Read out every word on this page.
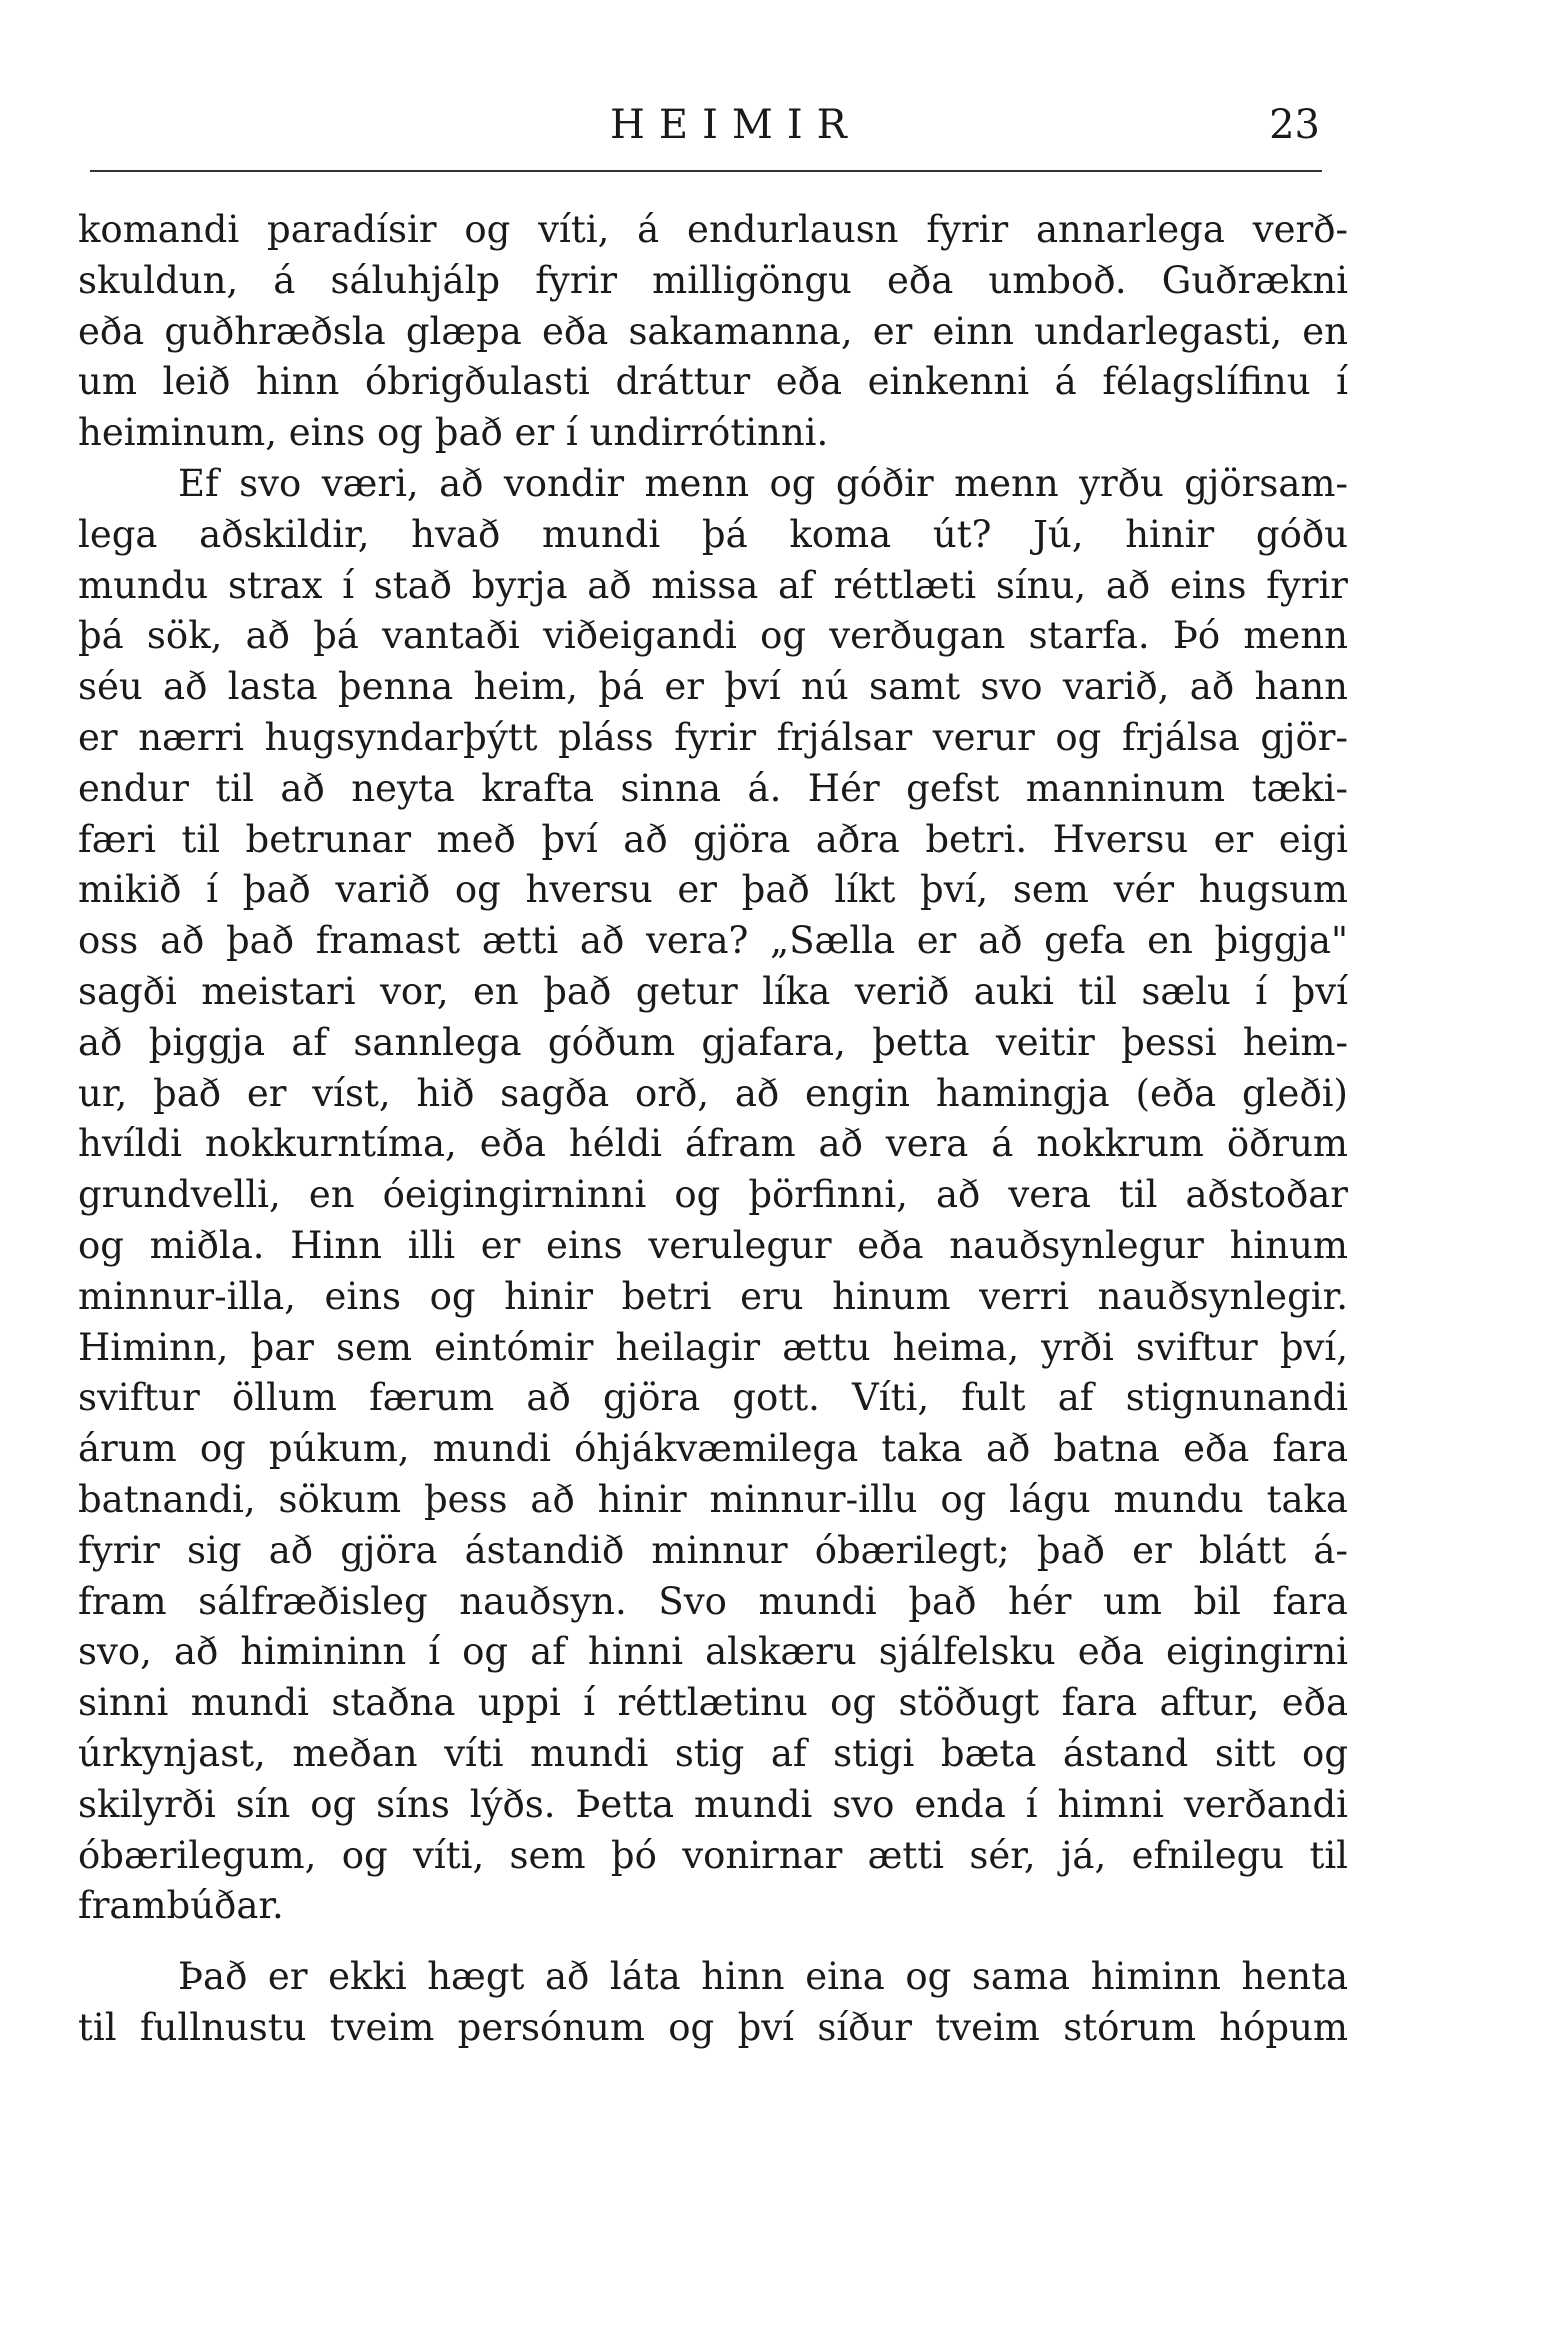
HEIMIR	23
komandi paradísir og víti, á endurlausn fyrir annarlega verð-
skuldun, á sáluhjálp fyrir milligöngu eða umboð. Guðrækni
eða guðhræðsla glæpa eða sakamanna, er einn undarlegasti, en
um leið hinn óbrigðulasti dráttur eða einkenni á félagslífinu í
heiminum, eins og það er í undirrótinni.
Ef svo væri, að vondir menn og góðir menn yrðu gjörsam-
lega aðskildir, hvað mundi þá koma út? Jú, hinir góðu
mundu strax í stað byrja að missa af réttlæti sínu, að eins fyrir
þá sök, að þá vantaði viðeigandi og verðugan starfa. Þó menn
séu að lasta þenna heim, þá er því nú samt svo varið, að hann
er nærri hugsyndarþýtt pláss fyrir frjálsar verur og frjálsa gjör-
endur til að neyta krafta sinna á. Hér gefst manninum tæki-
færi til betrunar með því að gjöra aðra betri. Hversu er eigi
mikið í það varið og hversu er það líkt því, sem vér hugsum
oss að það framast ætti að vera? „Sælla er að gefa en þiggja"
sagði meistari vor, en það getur líka verið auki til sælu í því
að þiggja af sannlega góðum gjafara, þetta veitir þessi heim-
ur, það er víst, hið sagða orð, að engin hamingja (eða gleði)
hvíldi nokkurntíma, eða héldi áfram að vera á nokkrum öðrum
grundvelli, en óeigingirninni og þörfinni, að vera til aðstoðar
og miðla. Hinn illi er eins verulegur eða nauðsynlegur hinum
minnur-illa, eins og hinir betri eru hinum verri nauðsynlegir.
Himinn, þar sem eintómir heilagir ættu heima, yrði sviftur því,
sviftur öllum færum að gjöra gott. Víti, fult af stignunandi
árum og púkum, mundi óhjákvæmilega taka að batna eða fara
batnandi, sökum þess að hinir minnur-illu og lágu mundu taka
fyrir sig að gjöra ástandið minnur óbærilegt; það er blátt á-
fram sálfræðisleg nauðsyn. Svo mundi það hér um bil fara
svo, að himininn í og af hinni alskæru sjálfelsku eða eigingirni
sinni mundi staðna uppi í réttlætinu og stöðugt fara aftur, eða
úrkynjast, meðan víti mundi stig af stigi bæta ástand sitt og
skilyrði sín og síns lýðs. Þetta mundi svo enda í himni verðandi
óbærilegum, og víti, sem þó vonirnar ætti sér, já, efnilegu til
frambúðar.
Það er ekki hægt að láta hinn eina og sama himinn henta
til fullnustu tveim persónum og því síður tveim stórum hópum
